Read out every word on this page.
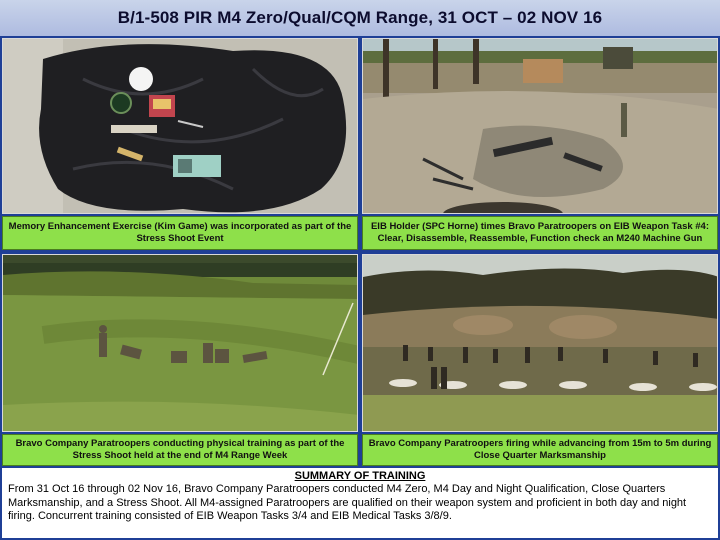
B/1-508 PIR M4 Zero/Qual/CQM Range, 31 OCT – 02 NOV 16
Memory Enhancement Exercise (Kim Game) was incorporated as part of the Stress Shoot Event
EIB Holder (SPC Horne) times Bravo Paratroopers on EIB Weapon Task #4: Clear, Disassemble, Reassemble, Function check an M240 Machine Gun
Bravo Company Paratroopers conducting physical training as part of the Stress Shoot held at the end of M4 Range Week
Bravo Company Paratroopers firing while advancing from 15m to 5m during Close Quarter Marksmanship
SUMMARY OF TRAINING
From 31 Oct 16 through 02 Nov 16, Bravo Company Paratroopers conducted M4 Zero, M4 Day and Night Qualification, Close Quarters Marksmanship, and a Stress Shoot. All M4-assigned Paratroopers are qualified on their weapon system and proficient in both day and night firing. Concurrent training consisted of EIB Weapon Tasks 3/4 and EIB Medical Tasks 3/8/9.
